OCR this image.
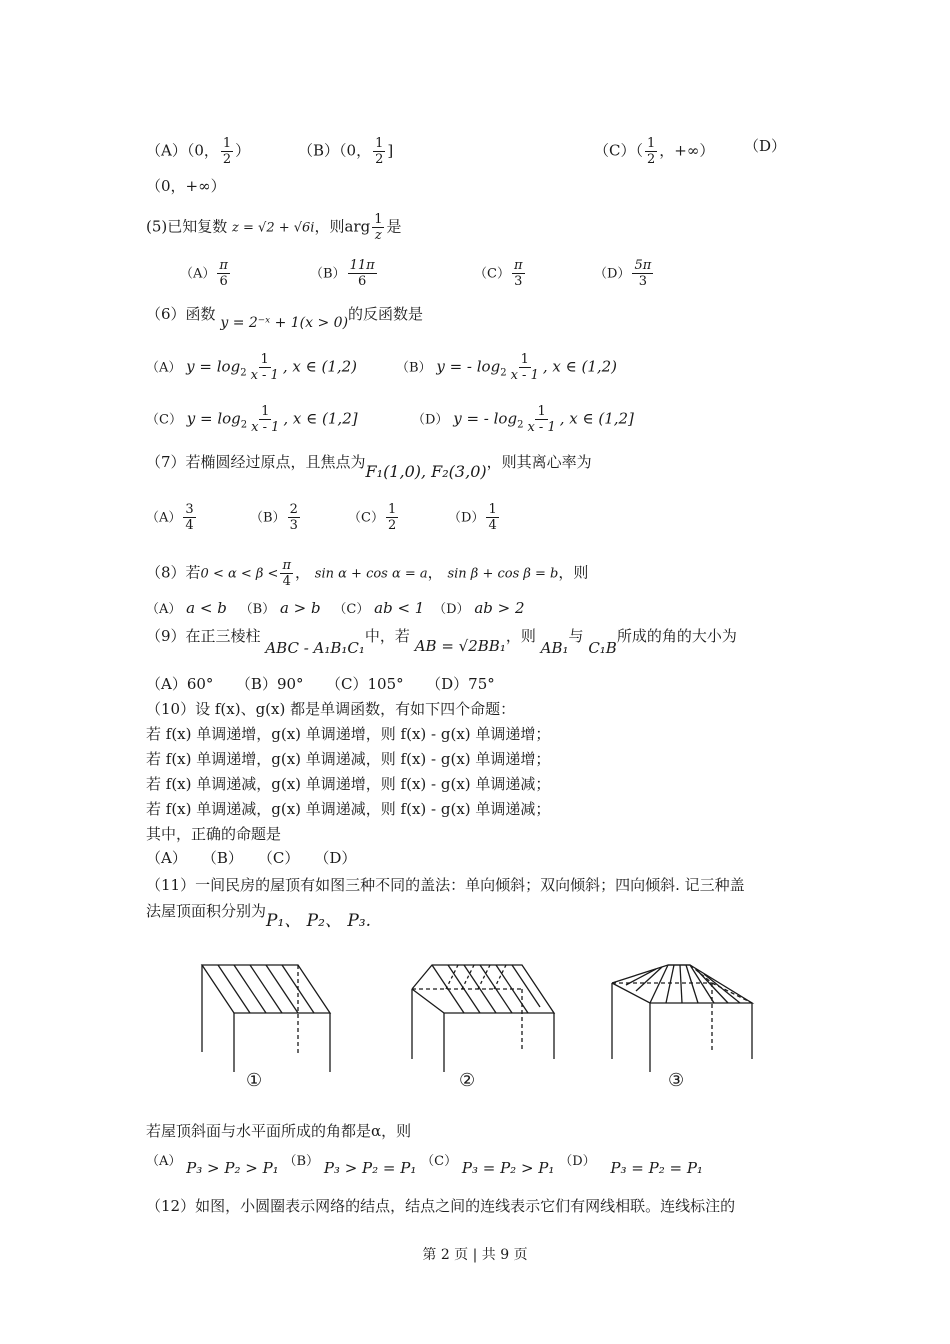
（A）（0， $\frac{1}{2}$ ）	（B）（0， $\frac{1}{2}$ ]	$(C)( \frac{1}{2}$ ，+∞） （D）
（0，+∞）
(5)已知复数 z = √2 + √6i，则arg $\frac{1}{z}$ 是
$(A) \frac{\pi}{6}$	$(B) \frac{11\pi}{6}$	$(C) \frac{\pi}{3}$	$(D) \frac{5\pi}{3}$
（6）函数 y = 2⁻ˣ + 1(x > 0)的反函数是
（A） $y = \log_2 \frac{1}{x - 1}$ , x ∈ (1,2)	（B） y = - $\log_2 \frac{1}{x - 1}$ , x ∈ (1,2)
（C） $y = \log_2 \frac{1}{x - 1}$ , x ∈ (1,2]	（D） y = - $\log_2 \frac{1}{x - 1}$ , x ∈ (1,2]
（7）若椭圆经过原点，且焦点为F₁(1,0), F₂(3,0)，则其离心率为
$(A) \frac{3}{4}$	$(B) \frac{2}{3}$	$(C) \frac{1}{2}$	$(D) \frac{1}{4}$
（8）若$0 < \alpha < \beta < \frac{\pi}{4}$ ， sin α + cos α = a， sin β + cos β = b，则
（A） a < b （B） a > b （C） ab < 1 （D） ab > 2
（9）在正三棱柱 ABC - A₁B₁C₁中，若 AB = √2BB₁，则 AB₁与 C₁B所成的角的大小为
（A）60°　　（B）90°　　（C）105°　　（D）75°
（10）设 f(x)、g(x) 都是单调函数，有如下四个命题：
若 f(x) 单调递增，g(x) 单调递增，则 f(x) - g(x) 单调递增；
若 f(x) 单调递增，g(x) 单调递减，则 f(x) - g(x) 单调递增；
若 f(x) 单调递减，g(x) 单调递增，则 f(x) - g(x) 单调递减；
若 f(x) 单调递减，g(x) 单调递减，则 f(x) - g(x) 单调递减；
其中，正确的命题是
（A）　　（B）　　（C）　　（D）
（11）一间民房的屋顶有如图三种不同的盖法：单向倾斜；双向倾斜；四向倾斜. 记三种盖
法屋顶面积分别为P₁、 P₂、 P₃.
①	②	③
若屋顶斜面与水平面所成的角都是α，则
（A） P₃ > P₂ > P₁ （B） P₃ > P₂ = P₁ （C） P₃ = P₂ > P₁ （D） P₃ = P₂ = P₁
（12）如图，小圆圈表示网络的结点，结点之间的连线表示它们有网线相联。连线标注的
第 2 页 | 共 9 页
